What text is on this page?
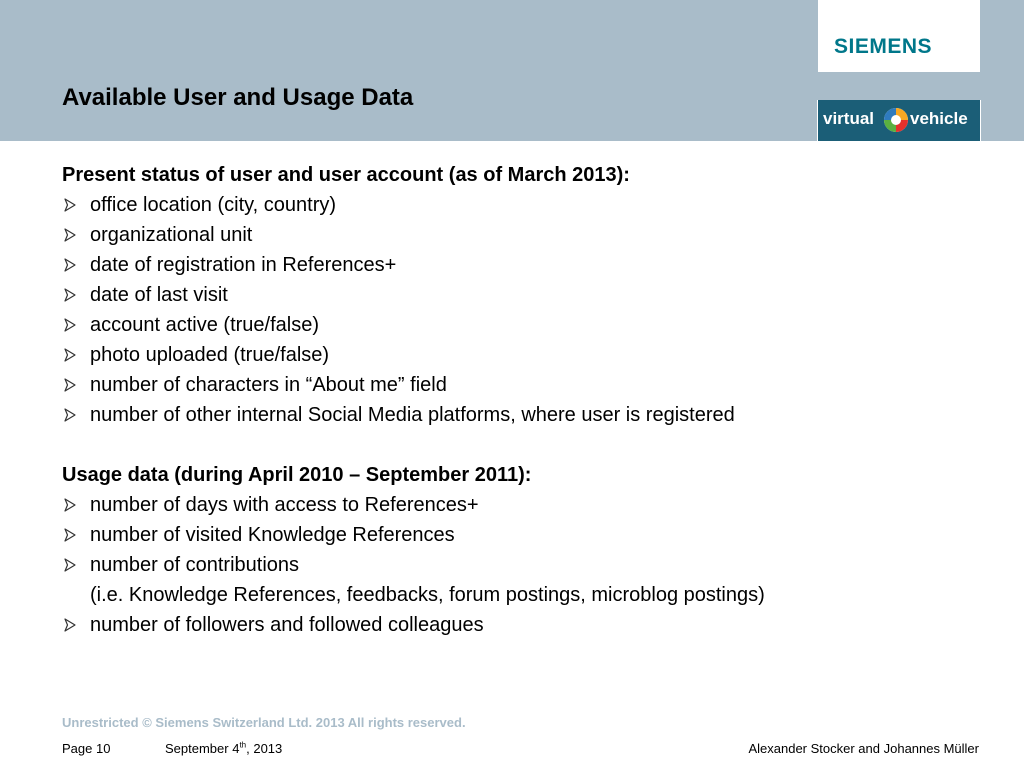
Available User and Usage Data
SIEMENS
virtual vehicle
Present status of user and user account (as of March 2013):
office location (city, country)
organizational unit
date of registration in References+
date of last visit
account active (true/false)
photo uploaded (true/false)
number of characters in “About me” field
number of other internal Social Media platforms, where user is registered
Usage data (during April 2010 – September 2011):
number of days with access to References+
number of visited Knowledge References
number of contributions
(i.e. Knowledge References, feedbacks, forum postings, microblog postings)
number of followers and followed colleagues
Unrestricted © Siemens Switzerland Ltd. 2013 All rights reserved.
Page 10	September 4th, 2013	Alexander Stocker and Johannes Müller
